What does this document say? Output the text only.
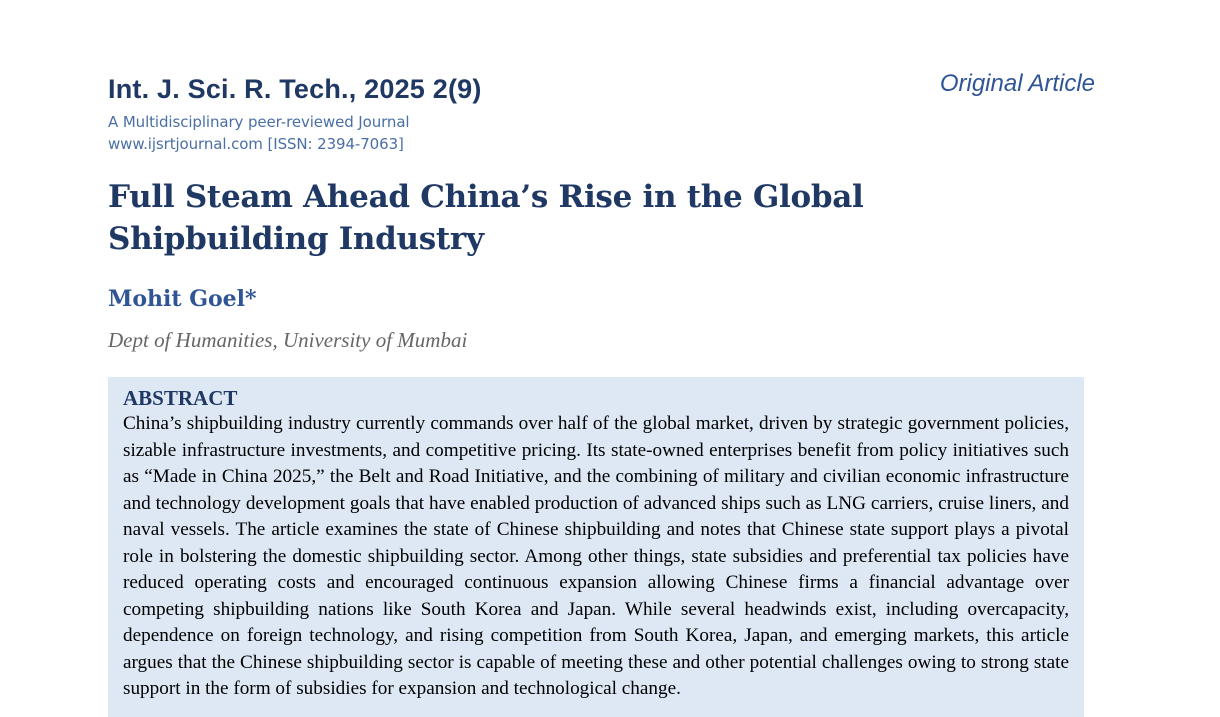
Int. J. Sci. R. Tech., 2025 2(9)	Original Article
A Multidisciplinary peer-reviewed Journal
www.ijsrtjournal.com [ISSN: 2394-7063]
Full Steam Ahead China’s Rise in the Global Shipbuilding Industry
Mohit Goel*
Dept of Humanities, University of Mumbai
ABSTRACT

China’s shipbuilding industry currently commands over half of the global market, driven by strategic government policies, sizable infrastructure investments, and competitive pricing. Its state-owned enterprises benefit from policy initiatives such as “Made in China 2025,” the Belt and Road Initiative, and the combining of military and civilian economic infrastructure and technology development goals that have enabled production of advanced ships such as LNG carriers, cruise liners, and naval vessels. The article examines the state of Chinese shipbuilding and notes that Chinese state support plays a pivotal role in bolstering the domestic shipbuilding sector. Among other things, state subsidies and preferential tax policies have reduced operating costs and encouraged continuous expansion allowing Chinese firms a financial advantage over competing shipbuilding nations like South Korea and Japan. While several headwinds exist, including overcapacity, dependence on foreign technology, and rising competition from South Korea, Japan, and emerging markets, this article argues that the Chinese shipbuilding sector is capable of meeting these and other potential challenges owing to strong state support in the form of subsidies for expansion and technological change.
